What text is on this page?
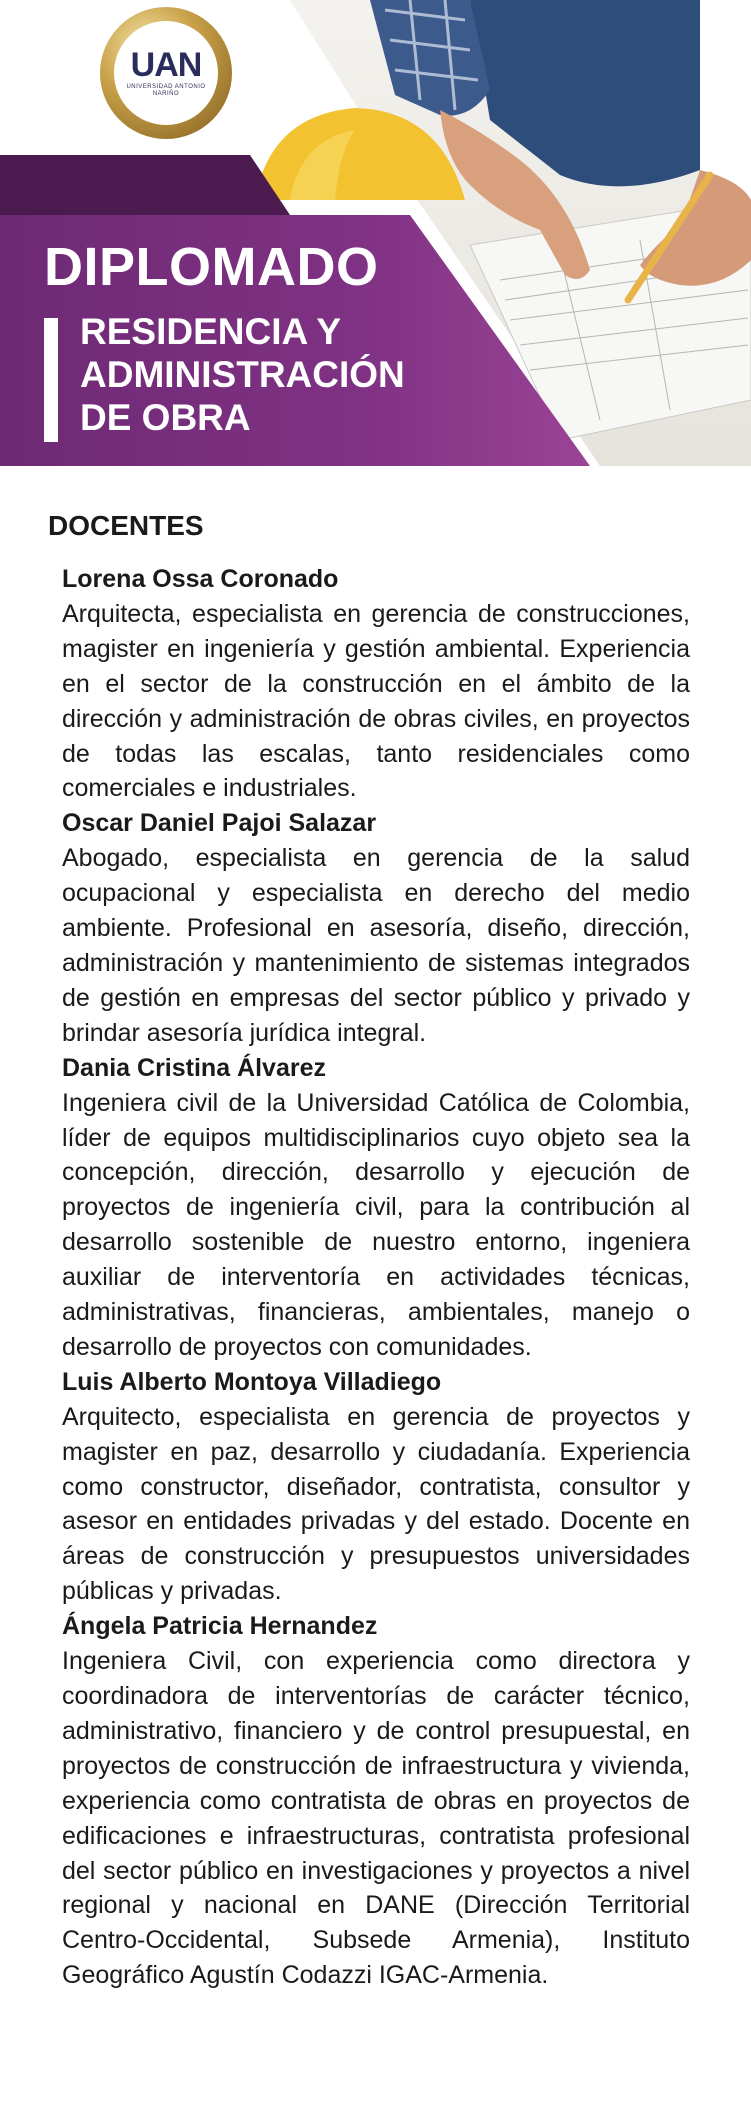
UAN
UNIVERSIDAD ANTONIO NARIÑO
DIPLOMADO
RESIDENCIA Y
ADMINISTRACIÓN
DE OBRA
DOCENTES
Lorena Ossa Coronado
Arquitecta, especialista en gerencia de construcciones, magister en ingeniería y gestión ambiental. Experiencia en el sector de la construcción en el ámbito de la dirección y administración de obras civiles, en proyectos de todas las escalas, tanto residenciales como comerciales e industriales.
Oscar Daniel Pajoi Salazar
Abogado, especialista en gerencia de la salud ocupacional y especialista en derecho del medio ambiente. Profesional en asesoría, diseño, dirección, administración y mantenimiento de sistemas integrados de gestión en empresas del sector público y privado y brindar asesoría jurídica integral.
Dania Cristina Álvarez
Ingeniera civil de la Universidad Católica de Colombia, líder de equipos multidisciplinarios cuyo objeto sea la concepción, dirección, desarrollo y ejecución de proyectos de ingeniería civil, para la contribución al desarrollo sostenible de nuestro entorno, ingeniera auxiliar de interventoría en actividades técnicas, administrativas, financieras, ambientales, manejo o desarrollo de proyectos con comunidades.
Luis Alberto Montoya Villadiego
Arquitecto, especialista en gerencia de proyectos y magister en paz, desarrollo y ciudadanía. Experiencia como constructor, diseñador, contratista, consultor y asesor en entidades privadas y del estado. Docente en áreas de construcción y presupuestos universidades públicas y privadas.
Ángela Patricia Hernandez
Ingeniera Civil, con experiencia como directora y coordinadora de interventorías de carácter técnico, administrativo, financiero y de control presupuestal, en proyectos de construcción de infraestructura y vivienda, experiencia como contratista de obras en proyectos de edificaciones e infraestructuras, contratista profesional del sector público en investigaciones y proyectos a nivel regional y nacional en DANE (Dirección Territorial Centro-Occidental, Subsede Armenia), Instituto Geográfico Agustín Codazzi IGAC-Armenia.
